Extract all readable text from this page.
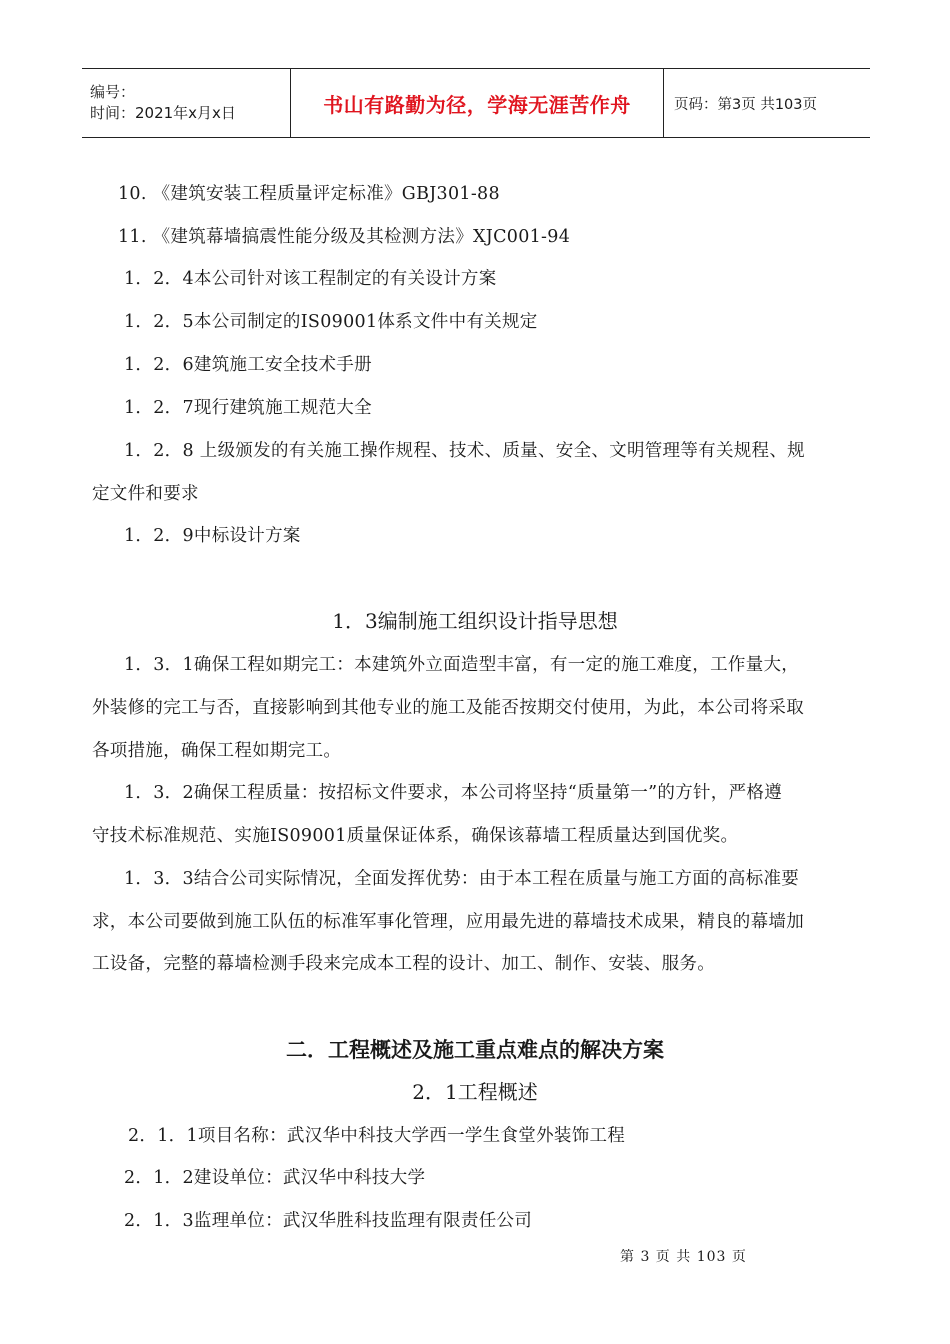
编号：
时间：2021年x月x日	书山有路勤为径，学海无涯苦作舟	页码：第3页 共103页
10. 《建筑安装工程质量评定标准》GBJ301-88
11. 《建筑幕墙搞震性能分级及其检测方法》XJC001-94
1．2．4本公司针对该工程制定的有关设计方案
1．2．5本公司制定的IS09001体系文件中有关规定
1．2．6建筑施工安全技术手册
1．2．7现行建筑施工规范大全
1．2．8 上级颁发的有关施工操作规程、技术、质量、安全、文明管理等有关规程、规
定文件和要求
1．2．9中标设计方案
1．3编制施工组织设计指导思想
1．3．1确保工程如期完工：本建筑外立面造型丰富，有一定的施工难度，工作量大，
外装修的完工与否，直接影响到其他专业的施工及能否按期交付使用，为此，本公司将采取
各项措施，确保工程如期完工。
1．3．2确保工程质量：按招标文件要求，本公司将坚持“质量第一”的方针，严格遵
守技术标准规范、实施IS09001质量保证体系，确保该幕墙工程质量达到国优奖。
1．3．3结合公司实际情况，全面发挥优势：由于本工程在质量与施工方面的高标准要
求，本公司要做到施工队伍的标准军事化管理，应用最先进的幕墙技术成果，精良的幕墙加
工设备，完整的幕墙检测手段来完成本工程的设计、加工、制作、安装、服务。
二．工程概述及施工重点难点的解决方案
2．1工程概述
2．1．1项目名称：武汉华中科技大学西一学生食堂外装饰工程
2．1．2建设单位：武汉华中科技大学
2．1．3监理单位：武汉华胜科技监理有限责任公司
第 3 页 共 103 页
